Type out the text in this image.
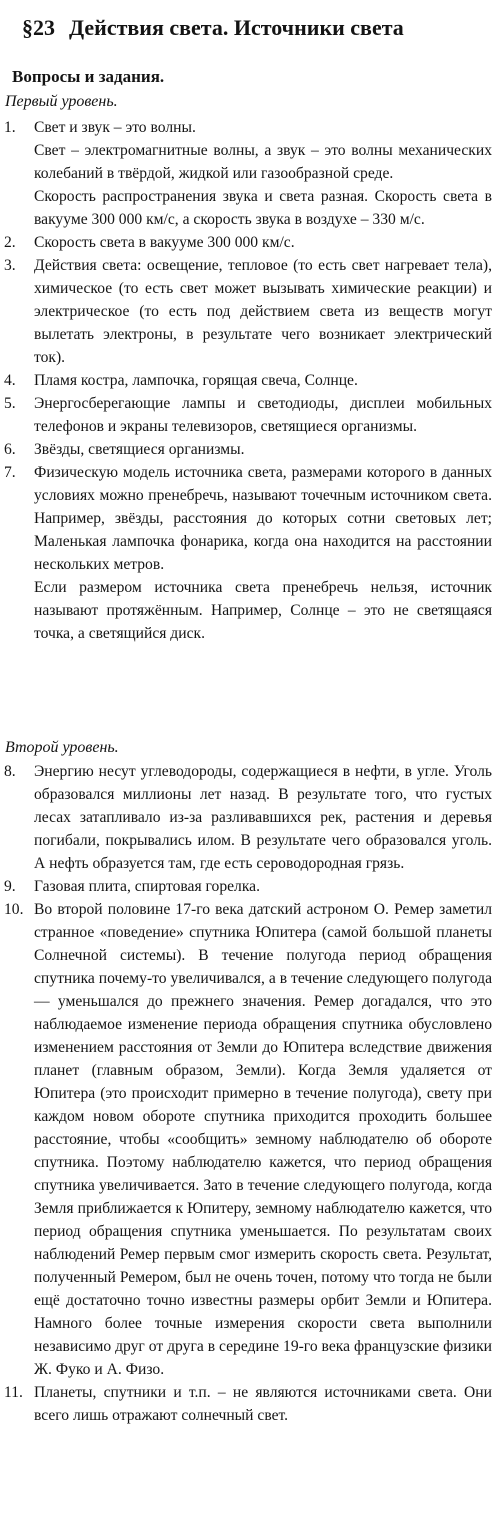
§23 Действия света. Источники света
Вопросы и задания.
Первый уровень.
1.	Свет и звук – это волны.

Свет – электромагнитные волны, а звук – это волны механических колебаний в твёрдой, жидкой или газообразной среде.

Скорость распространения звука и света разная. Скорость света в вакууме 300 000 км/с, а скорость звука в воздухе – 330 м/с.

2.	Скорость света в вакууме 300 000 км/с.

3.	Действия света: освещение, тепловое (то есть свет нагревает тела), химическое (то есть свет может вызывать химические реакции) и электрическое (то есть под действием света из веществ могут вылетать электроны, в результате чего возникает электрический ток).

4.	Пламя костра, лампочка, горящая свеча, Солнце.

5.	Энергосберегающие лампы и светодиоды, дисплеи мобильных телефонов и экраны телевизоров, светящиеся организмы.

6.	Звёзды, светящиеся организмы.

7.	Физическую модель источника света, размерами которого в данных условиях можно пренебречь, называют точечным источником света. Например, звёзды, расстояния до которых сотни световых лет; Маленькая лампочка фонарика, когда она находится на расстоянии нескольких метров.

Если размером источника света пренебречь нельзя, источник называют протяжённым. Например, Солнце – это не светящаяся точка, а светящийся диск.

Второй уровень.
8.	Энергию несут углеводороды, содержащиеся в нефти, в угле. Уголь образовался миллионы лет назад. В результате того, что густых лесах затапливало из-за разливавшихся рек, растения и деревья погибали, покрывались илом. В результате чего образовался уголь. А нефть образуется там, где есть сероводородная грязь.

9.	Газовая плита, спиртовая горелка.

10. Во второй половине 17-го века датский астроном О. Ремер заметил странное «поведение» спутника Юпитера (самой большой планеты Солнечной системы). В течение полугода период обращения спутника почему-то увеличивался, а в течение следующего полугода — уменьшался до прежнего значения. Ремер догадался, что это наблюдаемое изменение периода обращения спутника обусловлено изменением расстояния от Земли до Юпитера вследствие движения планет (главным образом, Земли). Когда Земля удаляется от Юпитера (это происходит примерно в течение полугода), свету при каждом новом обороте спутника приходится проходить большее расстояние, чтобы «сообщить» земному наблюдателю об обороте спутника. Поэтому наблюдателю кажется, что период обращения спутника увеличивается. Зато в течение следующего полугода, когда Земля приближается к Юпитеру, земному наблюдателю кажется, что период обращения спутника уменьшается. По результатам своих наблюдений Ремер первым смог измерить скорость света. Результат, полученный Ремером, был не очень точен, потому что тогда не были ещё достаточно точно известны размеры орбит Земли и Юпитера. Намного более точные измерения скорости света выполнили независимо друг от друга в середине 19-го века французские физики Ж. Фуко и А. Физо.

11. Планеты, спутники и т.п. – не являются источниками света. Они всего лишь отражают солнечный свет.
